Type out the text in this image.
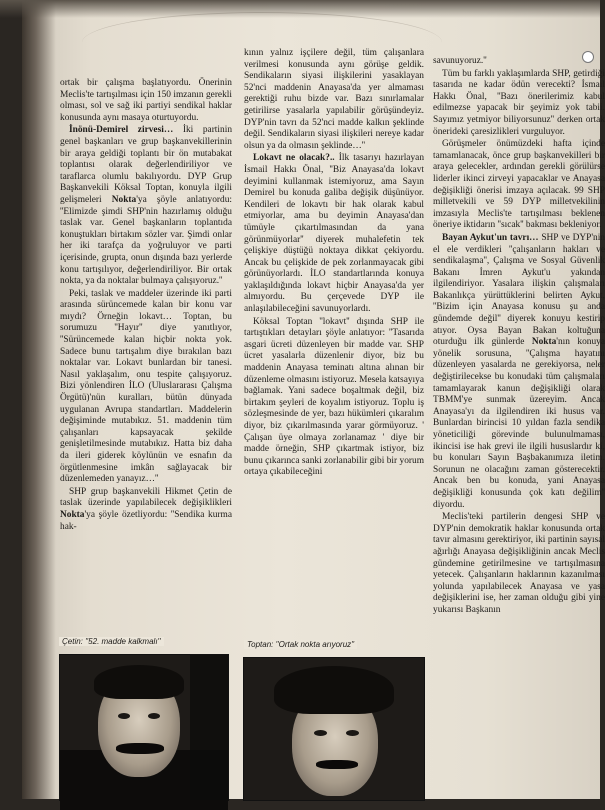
ortak bir çalışma başlatıyordu. Önerinin Meclis'te tartışılması için 150 imzanın gerekli olması, sol ve sağ iki partiyi sendikal haklar konusunda aynı masaya oturtuyordu.

İnönü-Demirel zirvesi… İki partinin genel başkanları ve grup başkanvekillerinin bir araya geldiği toplantı bir ön mutabakat toplantısı olarak değerlendiriliyor ve taraflarca olumlu bakılıyordu. DYP Grup Başkanvekili Köksal Toptan, konuyla ilgili gelişmeleri Nokta'ya şöyle anlatıyordu: ''Elimizde şimdi SHP'nin hazırlamış olduğu taslak var. Genel başkanların toplantıda konuştukları birtakım sözler var. Şimdi onlar her iki tarafça da yoğruluyor ve parti içerisinde, grupta, onun dışında bazı yerlerde konu tartışılıyor, değerlendiriliyor. Bir ortak nokta, ya da noktalar bulmaya çalışıyoruz.''

Peki, taslak ve maddeler üzerinde iki parti arasında sürüncemede kalan bir konu var mıydı? Örneğin lokavt… Toptan, bu sorumuzu ''Hayır'' diye yanıtlıyor, ''Sürüncemede kalan hiçbir nokta yok. Sadece bunu tartışalım diye bırakılan bazı noktalar var. Lokavt bunlardan bir tanesi. Nasıl yaklaşalım, onu tespite çalışıyoruz. Bizi yönlendiren İLO (Uluslararası Çalışma Örgütü)'nün kuralları, bütün dünyada uygulanan Avrupa standartları. Maddelerin değişiminde mutabıkız. 51. maddenin tüm çalışanları kapsayacak şekilde genişletilmesinde mutabıkız. Hatta biz daha da ileri giderek köylünün ve esnafın da örgütlenmesine imkân sağlayacak bir düzenlemeden yanayız…''

SHP grup başkanvekili Hikmet Çetin de taslak üzerinde yapılabilecek değişiklikleri Nokta'ya şöyle özetliyordu: ''Sendika kurma hak-

kının yalnız işçilere değil, tüm çalışanlara verilmesi konusunda aynı görüşe geldik. Sendikaların siyasi ilişkilerini yasaklayan 52'nci maddenin Anayasa'da yer almaması gerektiği ruhu bizde var. Bazı sınırlamalar getirilirse yasalarla yapılabilir görüşündeyiz. DYP'nin tavrı da 52'nci madde kalkın şeklinde değil. Sendikaların siyasi ilişkileri nereye kadar olsun ya da olmasın şeklinde…''

Lokavt ne olacak?.. İlk tasarıyı hazırlayan İsmail Hakkı Önal, ''Biz Anayasa'da lokavt deyimini kullanmak istemiyoruz, ama Sayın Demirel bu konuda galiba değişik düşünüyor. Kendileri de lokavtı bir hak olarak kabul etmiyorlar, ama bu deyimin Anayasa'dan tümüyle çıkartılmasından da yana görünmüyorlar'' diyerek muhalefetin tek çelişkiye düştüğü noktaya dikkat çekiyordu. Ancak bu çelişkide de pek zorlanmayacak gibi görünüyorlardı. İLO standartlarında konuya yaklaşıldığında lokavt hiçbir Anayasa'da yer almıyordu. Bu çerçevede DYP ile anlaşılabileceğini savunuyorlardı.

Köksal Toptan ''lokavt'' dışında SHP ile tartıştıkları detayları şöyle anlatıyor: ''Tasarıda asgari ücreti düzenleyen bir madde var. SHP ücret yasalarla düzenlenir diyor, biz bu maddenin Anayasa teminatı altına alınan bir düzenleme olmasını istiyoruz. Mesela katsayıya bağlamak. Yani sadece boşaltmak değil, biz birtakım şeyleri de koyalım istiyoruz. Toplu iş sözleşmesinde de yer, bazı hükümleri çıkaralım diyor, biz çıkarılmasında yarar görmüyoruz. ' Çalışan üye olmaya zorlanamaz ' diye bir madde örneğin, SHP çıkartmak istiyor, biz bunu çıkarınca sanki zorlanabilir gibi bir yorum ortaya çıkabileceğini

savunuyoruz.''

Tüm bu farklı yaklaşımlarda SHP, getirdiği tasarıda ne kadar ödün verecekti? İsmail Hakkı Önal, ''Bazı önerilerimiz kabul edilmezse yapacak bir şeyimiz yok tabii. Sayımız yetmiyor biliyorsunuz'' derken ortak önerideki çaresizlikleri vurguluyor.

Görüşmeler önümüzdeki hafta içinde tamamlanacak, önce grup başkanvekilleri bir araya gelecekler, ardından gerekli görülürse liderler ikinci zirveyi yapacaklar ve Anayasa değişikliği önerisi imzaya açılacak. 99 SHP milletvekili ve 59 DYP milletvekilinin imzasıyla Meclis'te tartışılması beklenen öneriye iktidarın ''sıcak'' bakması bekleniyor.

Bayan Aykut'un tavrı… SHP ve DYP'nin el ele verdikleri ''çalışanların hakları ve sendikalaşma'', Çalışma ve Sosyal Güvenlik Bakanı İmren Aykut'u yakından ilgilendiriyor. Yasalara ilişkin çalışmaları Bakanlıkça yürüttüklerini belirten Aykut, ''Bizim için Anayasa konusu şu anda gündemde değil'' diyerek konuyu kestirip atıyor. Oysa Bayan Bakan koltuğuna oturduğu ilk günlerde Nokta'nın konuya yönelik sorusuna, ''Çalışma hayatını düzenleyen yasalarda ne gerekiyorsa, neler değiştirilecekse bu konudaki tüm çalışmaları tamamlayarak kanun değişikliği olarak TBMM'ye sunmak üzereyim. Ancak Anayasa'yı da ilgilendiren iki husus var. Bunlardan birincisi 10 yıldan fazla sendika yöneticiliği görevinde bulunulmaması, ikincisi ise hak grevi ile ilgili hususlardır ki, bu konuları Sayın Başbakanımıza iletim. Sorunun ne olacağını zaman gösterecektir. Ancak ben bu konuda, yani Anayasa değişikliği konusunda çok katı değilim'' diyordu.

Meclis'teki partilerin dengesi SHP ve DYP'nin demokratik haklar konusunda ortak tavır almasını gerektiriyor, iki partinin sayısal ağırlığı Anayasa değişikliğinin ancak Meclis gündemine getirilmesine ve tartışılmasına yetecek. Çalışanların haklarının kazanılması yolunda yapılabilecek Anayasa ve yasa değişiklerini ise, her zaman olduğu gibi yine yukarısı Başkanın

Çetin: ''52. madde kalkmalı''	Toptan: ''Ortak nokta arıyoruz''
